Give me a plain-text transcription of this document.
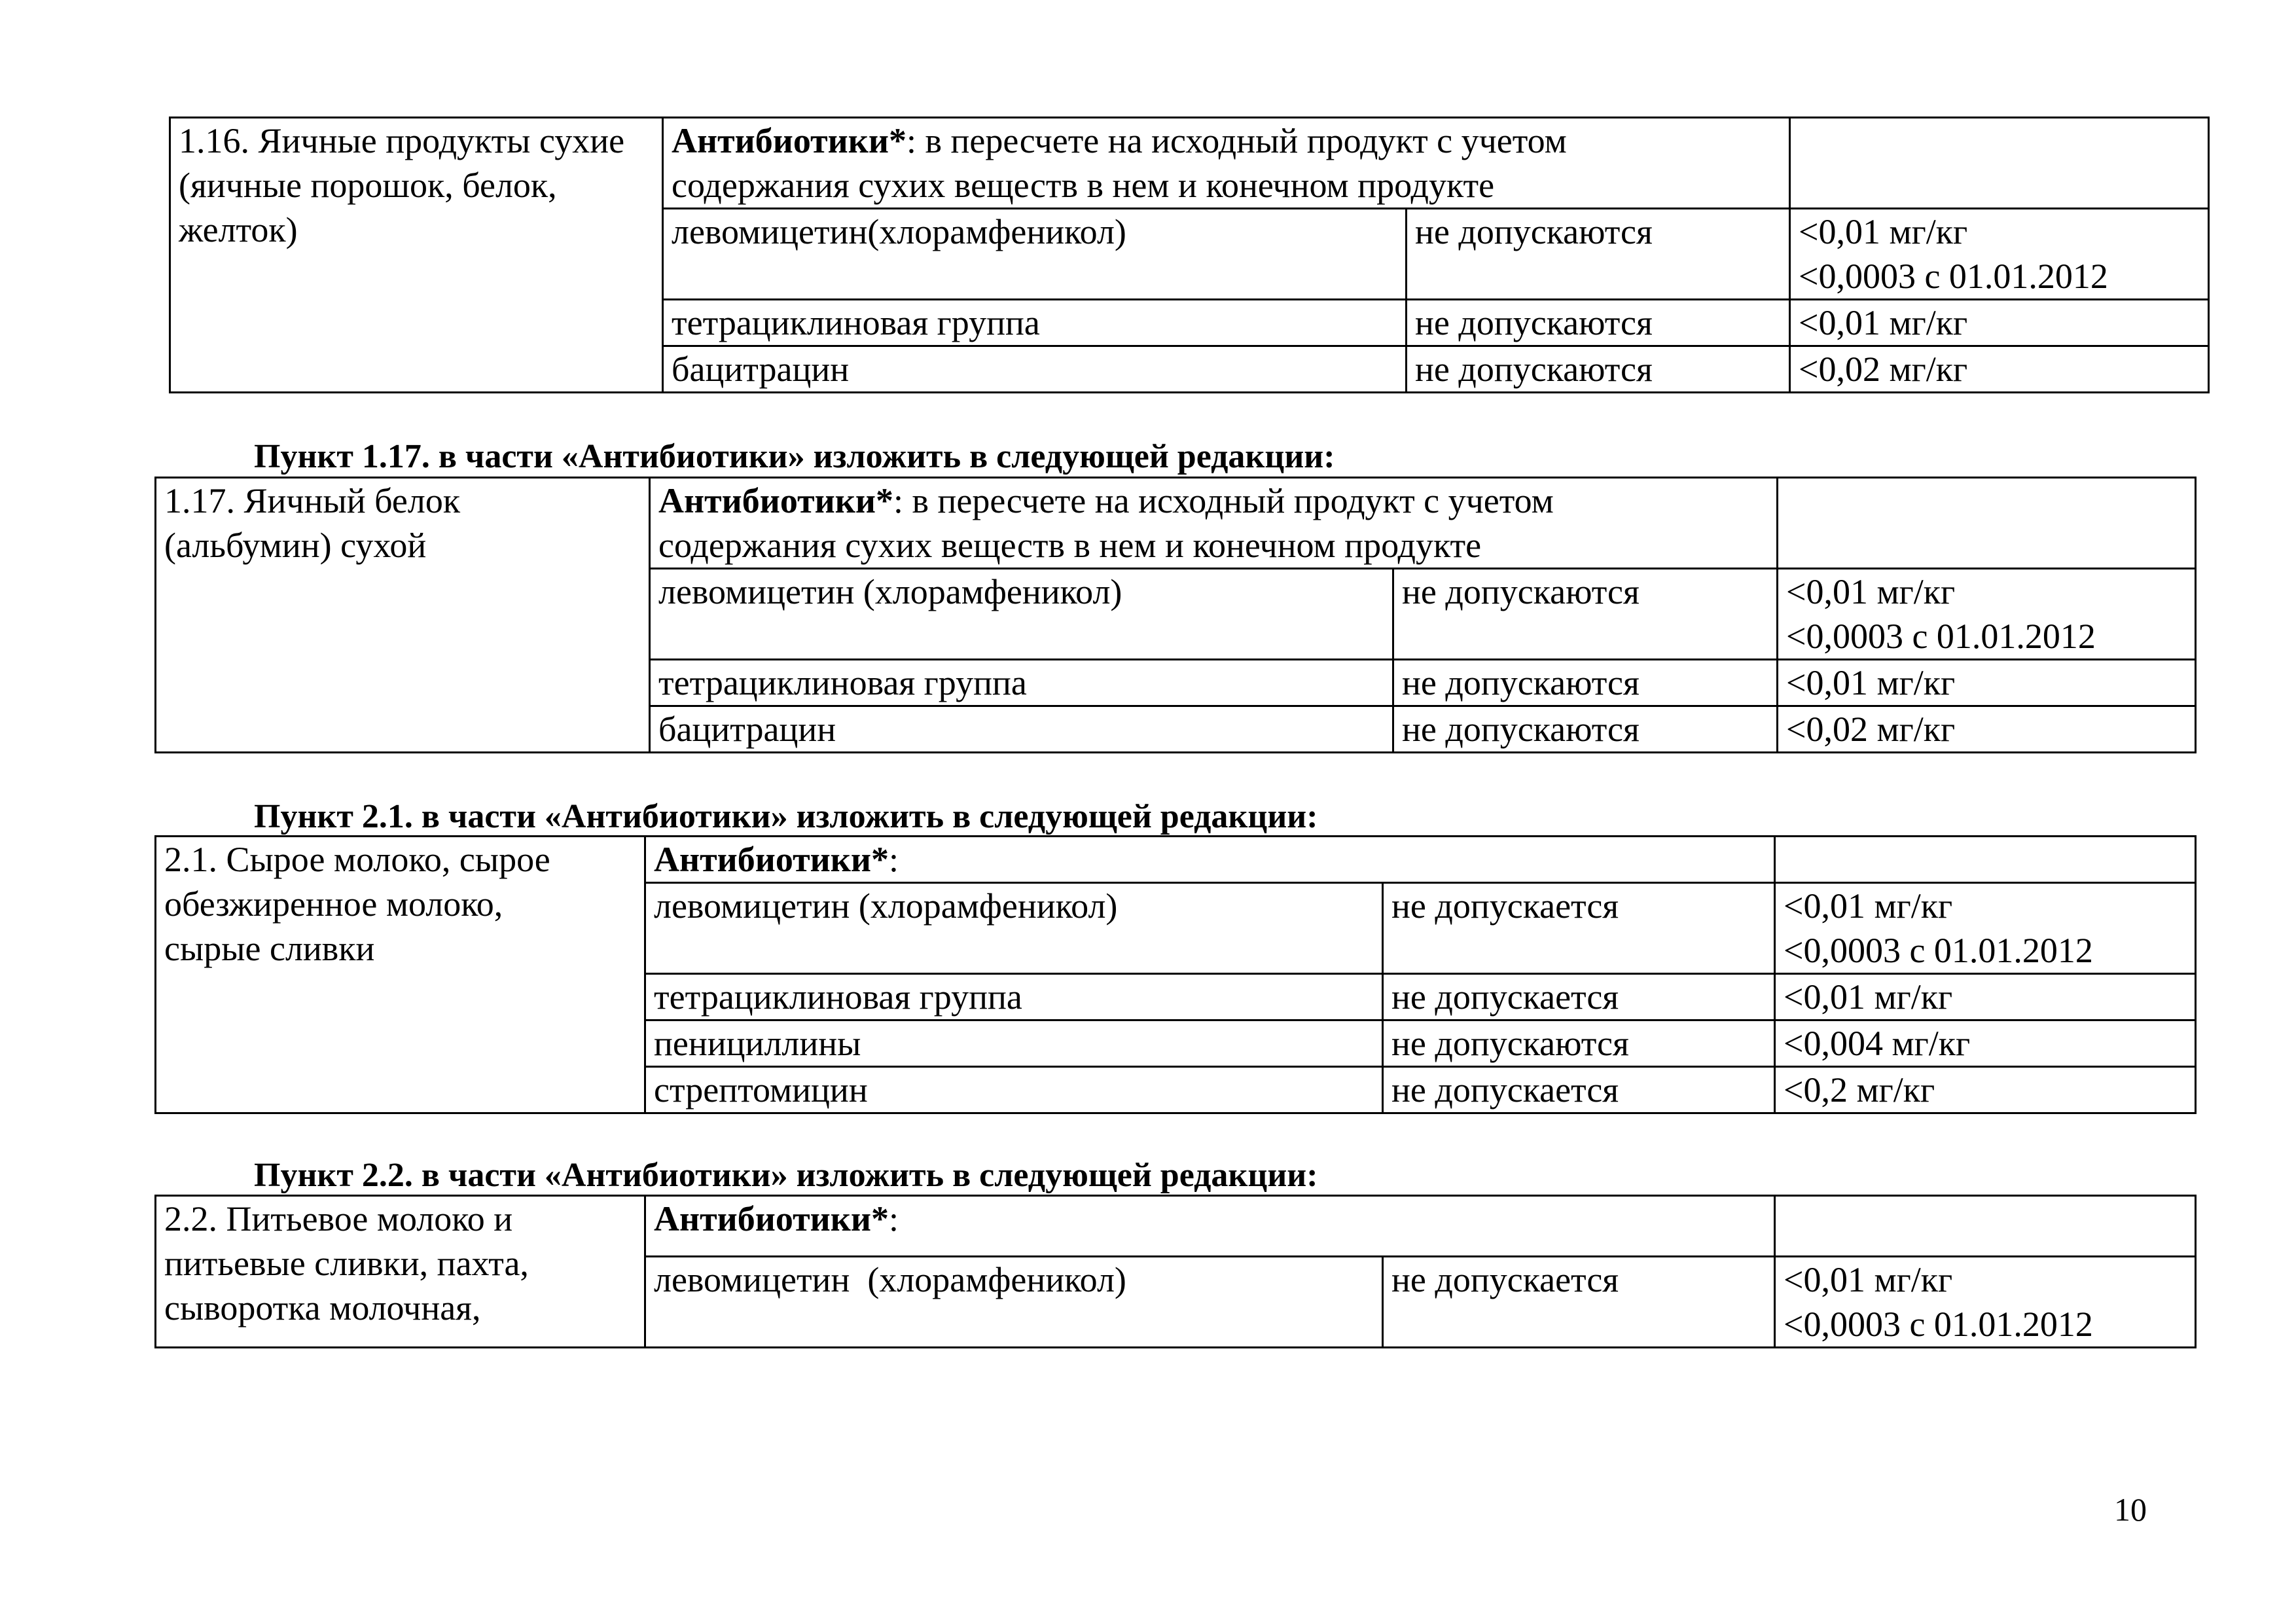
1.16. Яичные продукты сухие
(яичные порошок, белок,
желток)	Антибиотики*: в пересчете на исходный продукт с учетом
содержания сухих веществ в нем и конечном продукте		

	левомицетин(хлорамфеникол)	не допускаются	<0,01 мг/кг
<0,0003 с 01.01.2012

	тетрациклиновая группа	не допускаются	<0,01 мг/кг
	бацитрацин	не допускаются	<0,02 мг/кг
Пункт 1.17. в части «Антибиотики» изложить в следующей редакции:
1.17. Яичный белок
(альбумин) сухой	Антибиотики*: в пересчете на исходный продукт с учетом
содержания сухих веществ в нем и конечном продукте		

	левомицетин (хлорамфеникол)	не допускаются	<0,01 мг/кг
<0,0003 с 01.01.2012

	тетрациклиновая группа	не допускаются	<0,01 мг/кг
	бацитрацин	не допускаются	<0,02 мг/кг
Пункт 2.1. в части «Антибиотики» изложить в следующей редакции:
2.1. Сырое молоко, сырое
обезжиренное молоко,
сырые сливки	Антибиотики*:		
	левомицетин (хлорамфеникол)	не допускается	<0,01 мг/кг
<0,0003 с 01.01.2012

	тетрациклиновая группа	не допускается	<0,01 мг/кг
	пенициллины	не допускаются	<0,004 мг/кг
	стрептомицин	не допускается	<0,2 мг/кг
Пункт 2.2. в части «Антибиотики» изложить в следующей редакции:
2.2. Питьевое молоко и
питьевые сливки, пахта,
сыворотка молочная,	Антибиотики*:		
	левомицетин  (хлорамфеникол)	не допускается	<0,01 мг/кг
<0,0003 с 01.01.2012
10
